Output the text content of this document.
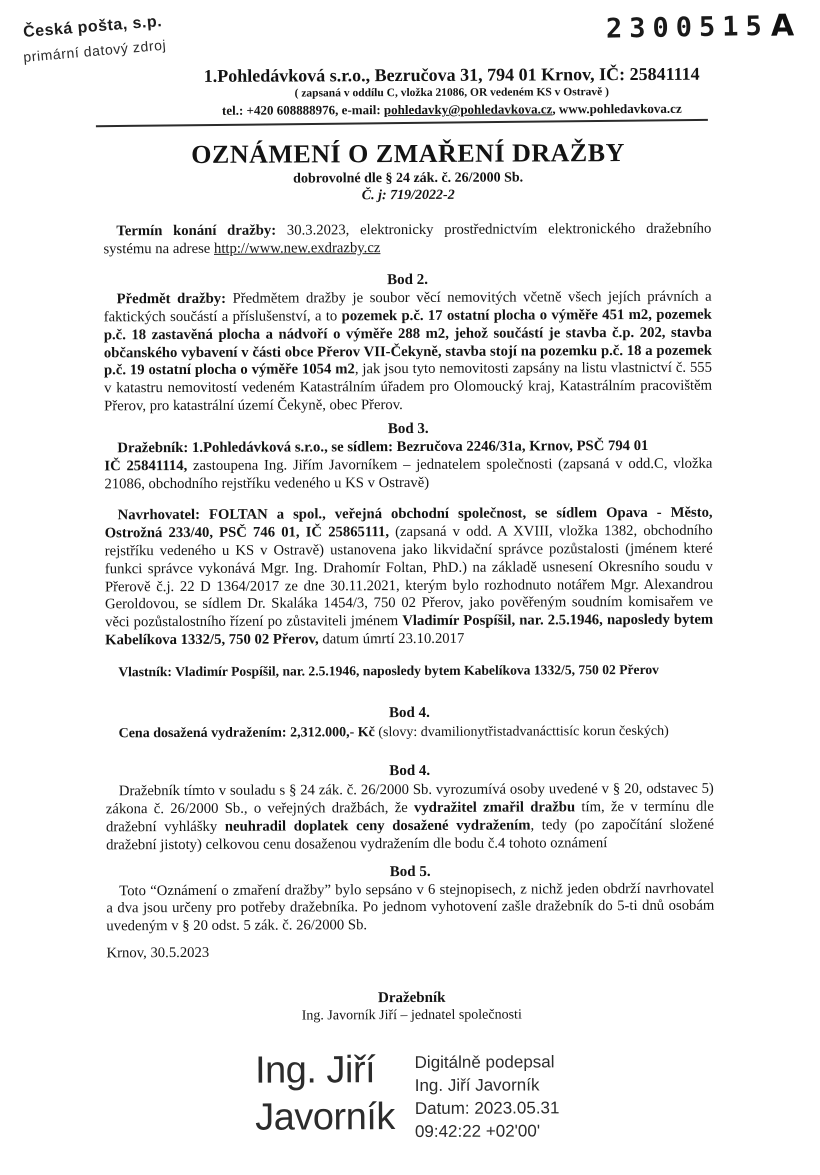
Česká pošta, s.p.
primární datový zdroj
2300515 A
1.Pohledávková s.r.o., Bezručova 31, 794 01 Krnov, IČ: 25841114
( zapsaná v oddílu C, vložka 21086, OR vedeném KS v Ostravě )
tel.: +420 608888976, e-mail: pohledavky@pohledavkova.cz, www.pohledavkova.cz
OZNÁMENÍ O ZMAŘENÍ DRAŽBY
dobrovolné dle § 24 zák. č. 26/2000 Sb.
Č. j: 719/2022-2

Termín konání dražby: 30.3.2023, elektronicky prostřednictvím elektronického dražebního systému na adrese http://www.new.exdrazby.cz

Bod 2.

Předmět dražby: Předmětem dražby je soubor věcí nemovitých včetně všech jejích právních a faktických součástí a příslušenství, a to pozemek p.č. 17 ostatní plocha o výměře 451 m2, pozemek p.č. 18 zastavěná plocha a nádvoří o výměře 288 m2, jehož součástí je stavba č.p. 202, stavba občanského vybavení v části obce Přerov VII-Čekyně, stavba stojí na pozemku p.č. 18 a pozemek p.č. 19 ostatní plocha o výměře 1054 m2, jak jsou tyto nemovitosti zapsány na listu vlastnictví č. 555 v katastru nemovitostí vedeném Katastrálním úřadem pro Olomoucký kraj, Katastrálním pracovištěm Přerov, pro katastrální území Čekyně, obec Přerov.

Bod 3.

Dražebník: 1.Pohledávková s.r.o., se sídlem: Bezručova 2246/31a, Krnov, PSČ 794 01
IČ 25841114, zastoupena Ing. Jiřím Javorníkem – jednatelem společnosti (zapsaná v odd.C, vložka 21086, obchodního rejstříku vedeného u KS v Ostravě)

Navrhovatel: FOLTAN a spol., veřejná obchodní společnost, se sídlem Opava - Město, Ostrožná 233/40, PSČ 746 01, IČ 25865111, (zapsaná v odd. A XVIII, vložka 1382, obchodního rejstříku vedeného u KS v Ostravě) ustanovena jako likvidační správce pozůstalosti (jménem které funkci správce vykonává Mgr. Ing. Drahomír Foltan, PhD.) na základě usnesení Okresního soudu v Přerově č.j. 22 D 1364/2017 ze dne 30.11.2021, kterým bylo rozhodnuto notářem Mgr. Alexandrou Geroldovou, se sídlem Dr. Skaláka 1454/3, 750 02 Přerov, jako pověřeným soudním komisařem ve věci pozůstalostního řízení po zůstaviteli jménem Vladimír Pospíšil, nar. 2.5.1946, naposledy bytem Kabelíkova 1332/5, 750 02 Přerov, datum úmrtí 23.10.2017

Vlastník: Vladimír Pospíšil, nar. 2.5.1946, naposledy bytem Kabelíkova 1332/5, 750 02 Přerov

Bod 4.

Cena dosažená vydražením: 2,312.000,- Kč (slovy: dvamilionytřistadvanácttisíc korun českých)

Bod 4.

Dražebník tímto v souladu s § 24 zák. č. 26/2000 Sb. vyrozumívá osoby uvedené v § 20, odstavec 5) zákona č. 26/2000 Sb., o veřejných dražbách, že vydražitel zmařil dražbu tím, že v termínu dle dražební vyhlášky neuhradil doplatek ceny dosažené vydražením, tedy (po započítání složené dražební jistoty) celkovou cenu dosaženou vydražením dle bodu č.4 tohoto oznámení

Bod 5.

Toto “Oznámení o zmaření dražby” bylo sepsáno v 6 stejnopisech, z nichž jeden obdrží navrhovatel a dva jsou určeny pro potřeby dražebníka. Po jednom vyhotovení zašle dražebník do 5-ti dnů osobám uvedeným v § 20 odst. 5 zák. č. 26/2000 Sb.

Krnov, 30.5.2023

Dražebník
Ing. Javorník Jiří – jednatel společnosti
Ing. Jiří
Javorník
Digitálně podepsal
Ing. Jiří Javorník
Datum: 2023.05.31
09:42:22 +02'00'
